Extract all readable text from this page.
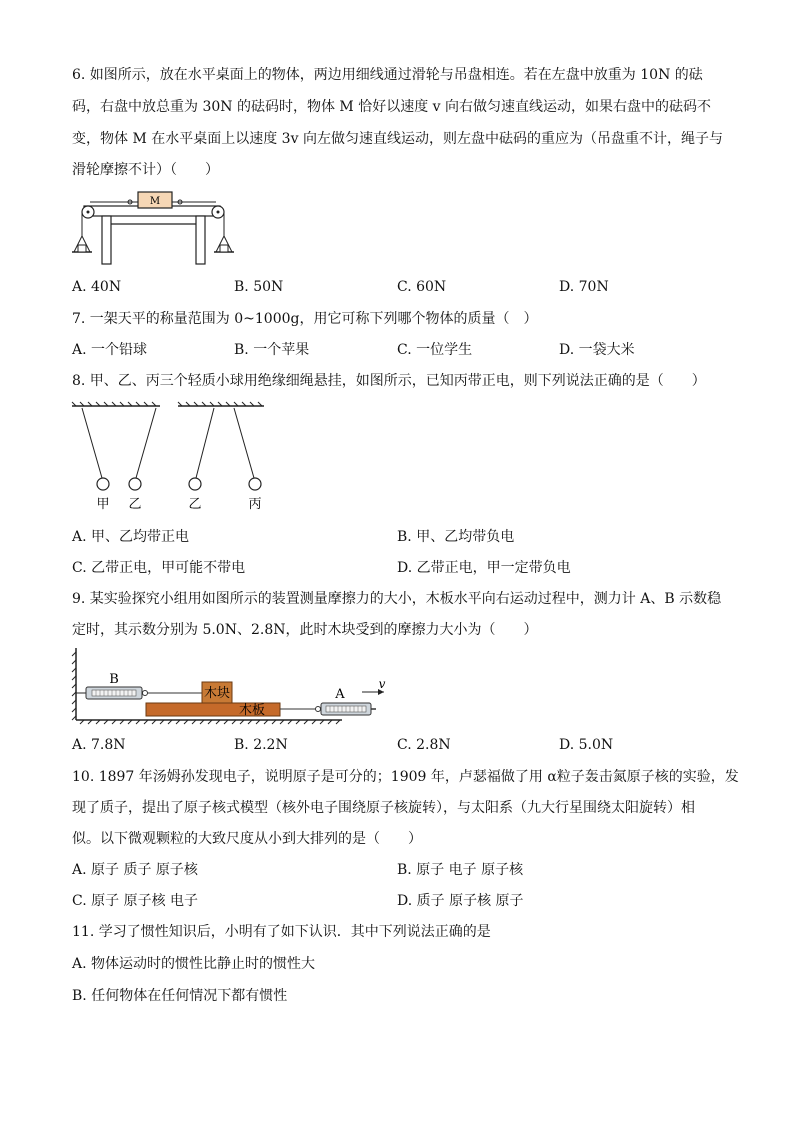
6. 如图所示，放在水平桌面上的物体，两边用细线通过滑轮与吊盘相连。若在左盘中放重为 10N 的砝
码，右盘中放总重为 30N 的砝码时，物体 M 恰好以速度 v 向右做匀速直线运动，如果右盘中的砝码不
变，物体 M 在水平桌面上以速度 3v 向左做匀速直线运动，则左盘中砝码的重应为（吊盘重不计，绳子与
滑轮摩擦不计）（　　）
M
A. 40N	B. 50N	C. 60N	D. 70N
7. 一架天平的称量范围为 0~1000g，用它可称下列哪个物体的质量（　）
A. 一个铅球	B. 一个苹果	C. 一位学生	D. 一袋大米
8. 甲、乙、丙三个轻质小球用绝缘细绳悬挂，如图所示，已知丙带正电，则下列说法正确的是（　　）
甲 乙	乙	丙
A. 甲、乙均带正电	B. 甲、乙均带负电
C. 乙带正电，甲可能不带电	D. 乙带正电，甲一定带负电
9. 某实验探究小组用如图所示的装置测量摩擦力的大小，木板水平向右运动过程中，测力计 A、B 示数稳
定时，其示数分别为 5.0N、2.8N，此时木块受到的摩擦力大小为（　　）
B
木块
木板
A
v
A. 7.8N	B. 2.2N	C. 2.8N	D. 5.0N
10. 1897 年汤姆孙发现电子，说明原子是可分的；1909 年，卢瑟福做了用 α粒子轰击氮原子核的实验，发
现了质子，提出了原子核式模型（核外电子围绕原子核旋转），与太阳系（九大行星围绕太阳旋转）相
似。以下微观颗粒的大致尺度从小到大排列的是（　　）
A. 原子 质子 原子核	B. 原子 电子 原子核
C. 原子 原子核 电子	D. 质子 原子核 原子
11. 学习了惯性知识后，小明有了如下认识．其中下列说法正确的是
A. 物体运动时的惯性比静止时的惯性大
B. 任何物体在任何情况下都有惯性
